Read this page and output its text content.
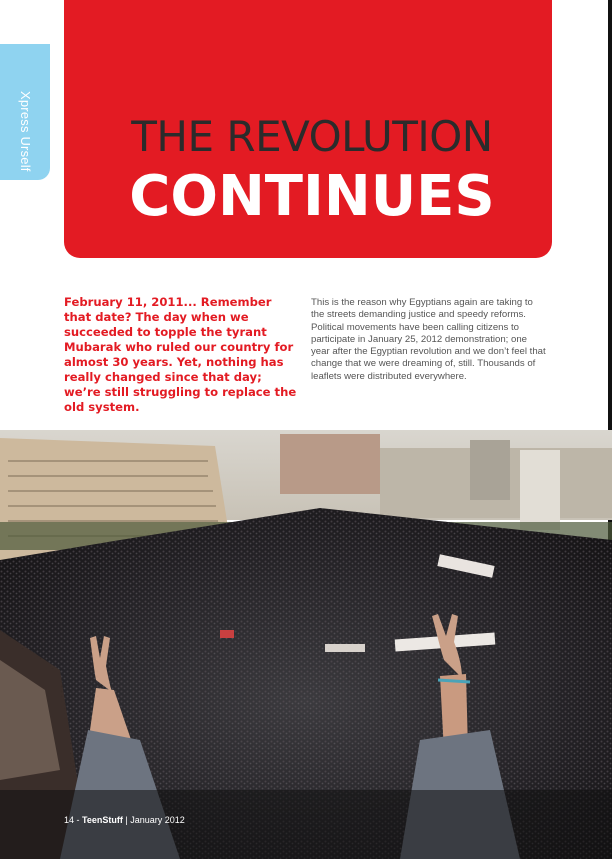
Xpress Urself	THE REVOLUTION
CONTINUES
February 11, 2011... Remember that date? The day when we succeeded to topple the tyrant Mubarak who ruled our country for almost 30 years. Yet, nothing has really changed since that day; we’re still struggling to replace the old system.
This is the reason why Egyptians again are taking to the streets demanding justice and speedy reforms. Political movements have been calling citizens to participate in January 25, 2012 demonstration; one year after the Egyptian revolution and we don’t feel that change that we were dreaming of, still. Thousands of leaflets were distributed everywhere.
14 - TeenStuff | January 2012
